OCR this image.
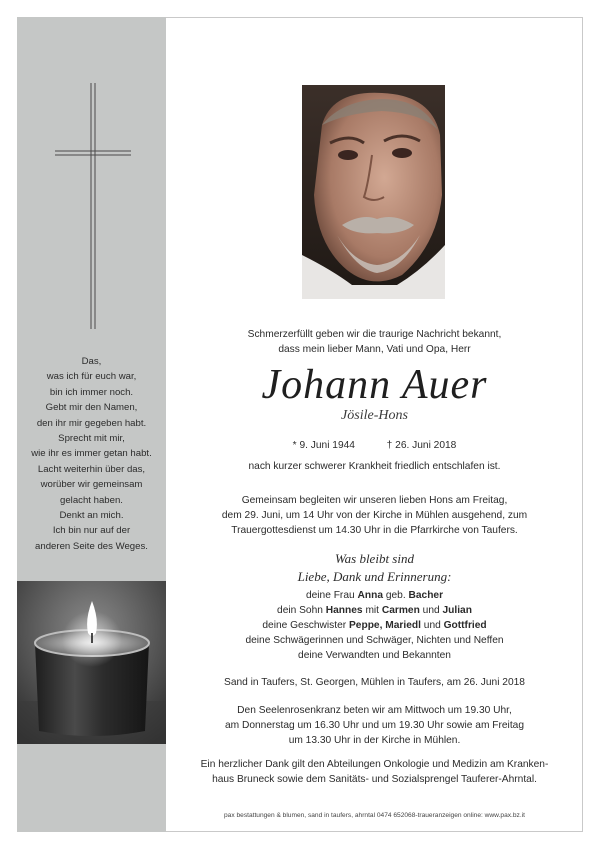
Das,
was ich für euch war,
bin ich immer noch.
Gebt mir den Namen,
den ihr mir gegeben habt.
Sprecht mit mir,
wie ihr es immer getan habt.
Lacht weiterhin über das,
worüber wir gemeinsam
gelacht haben.
Denkt an mich.
Ich bin nur auf der
anderen Seite des Weges.
Schmerzerfüllt geben wir die traurige Nachricht bekannt,
dass mein lieber Mann, Vati und Opa, Herr
Johann Auer
Jösile-Hons
* 9. Juni 1944	† 26. Juni 2018
nach kurzer schwerer Krankheit friedlich entschlafen ist.
Gemeinsam begleiten wir unseren lieben Hons am Freitag,
dem 29. Juni, um 14 Uhr von der Kirche in Mühlen ausgehend, zum
Trauergottesdienst um 14.30 Uhr in die Pfarrkirche von Taufers.
Was bleibt sind
Liebe, Dank und Erinnerung:
deine Frau Anna geb. Bacher
dein Sohn Hannes mit Carmen und Julian
deine Geschwister Peppe, Mariedl und Gottfried
deine Schwägerinnen und Schwäger, Nichten und Neffen
deine Verwandten und Bekannten
Sand in Taufers, St. Georgen, Mühlen in Taufers, am 26. Juni 2018
Den Seelenrosenkranz beten wir am Mittwoch um 19.30 Uhr,
am Donnerstag um 16.30 Uhr und um 19.30 Uhr sowie am Freitag
um 13.30 Uhr in der Kirche in Mühlen.
Ein herzlicher Dank gilt den Abteilungen Onkologie und Medizin am Kranken-
haus Bruneck sowie dem Sanitäts- und Sozialsprengel Tauferer-Ahrntal.
pax bestattungen & blumen, sand in taufers, ahrntal 0474 652068-traueranzeigen online: www.pax.bz.it
